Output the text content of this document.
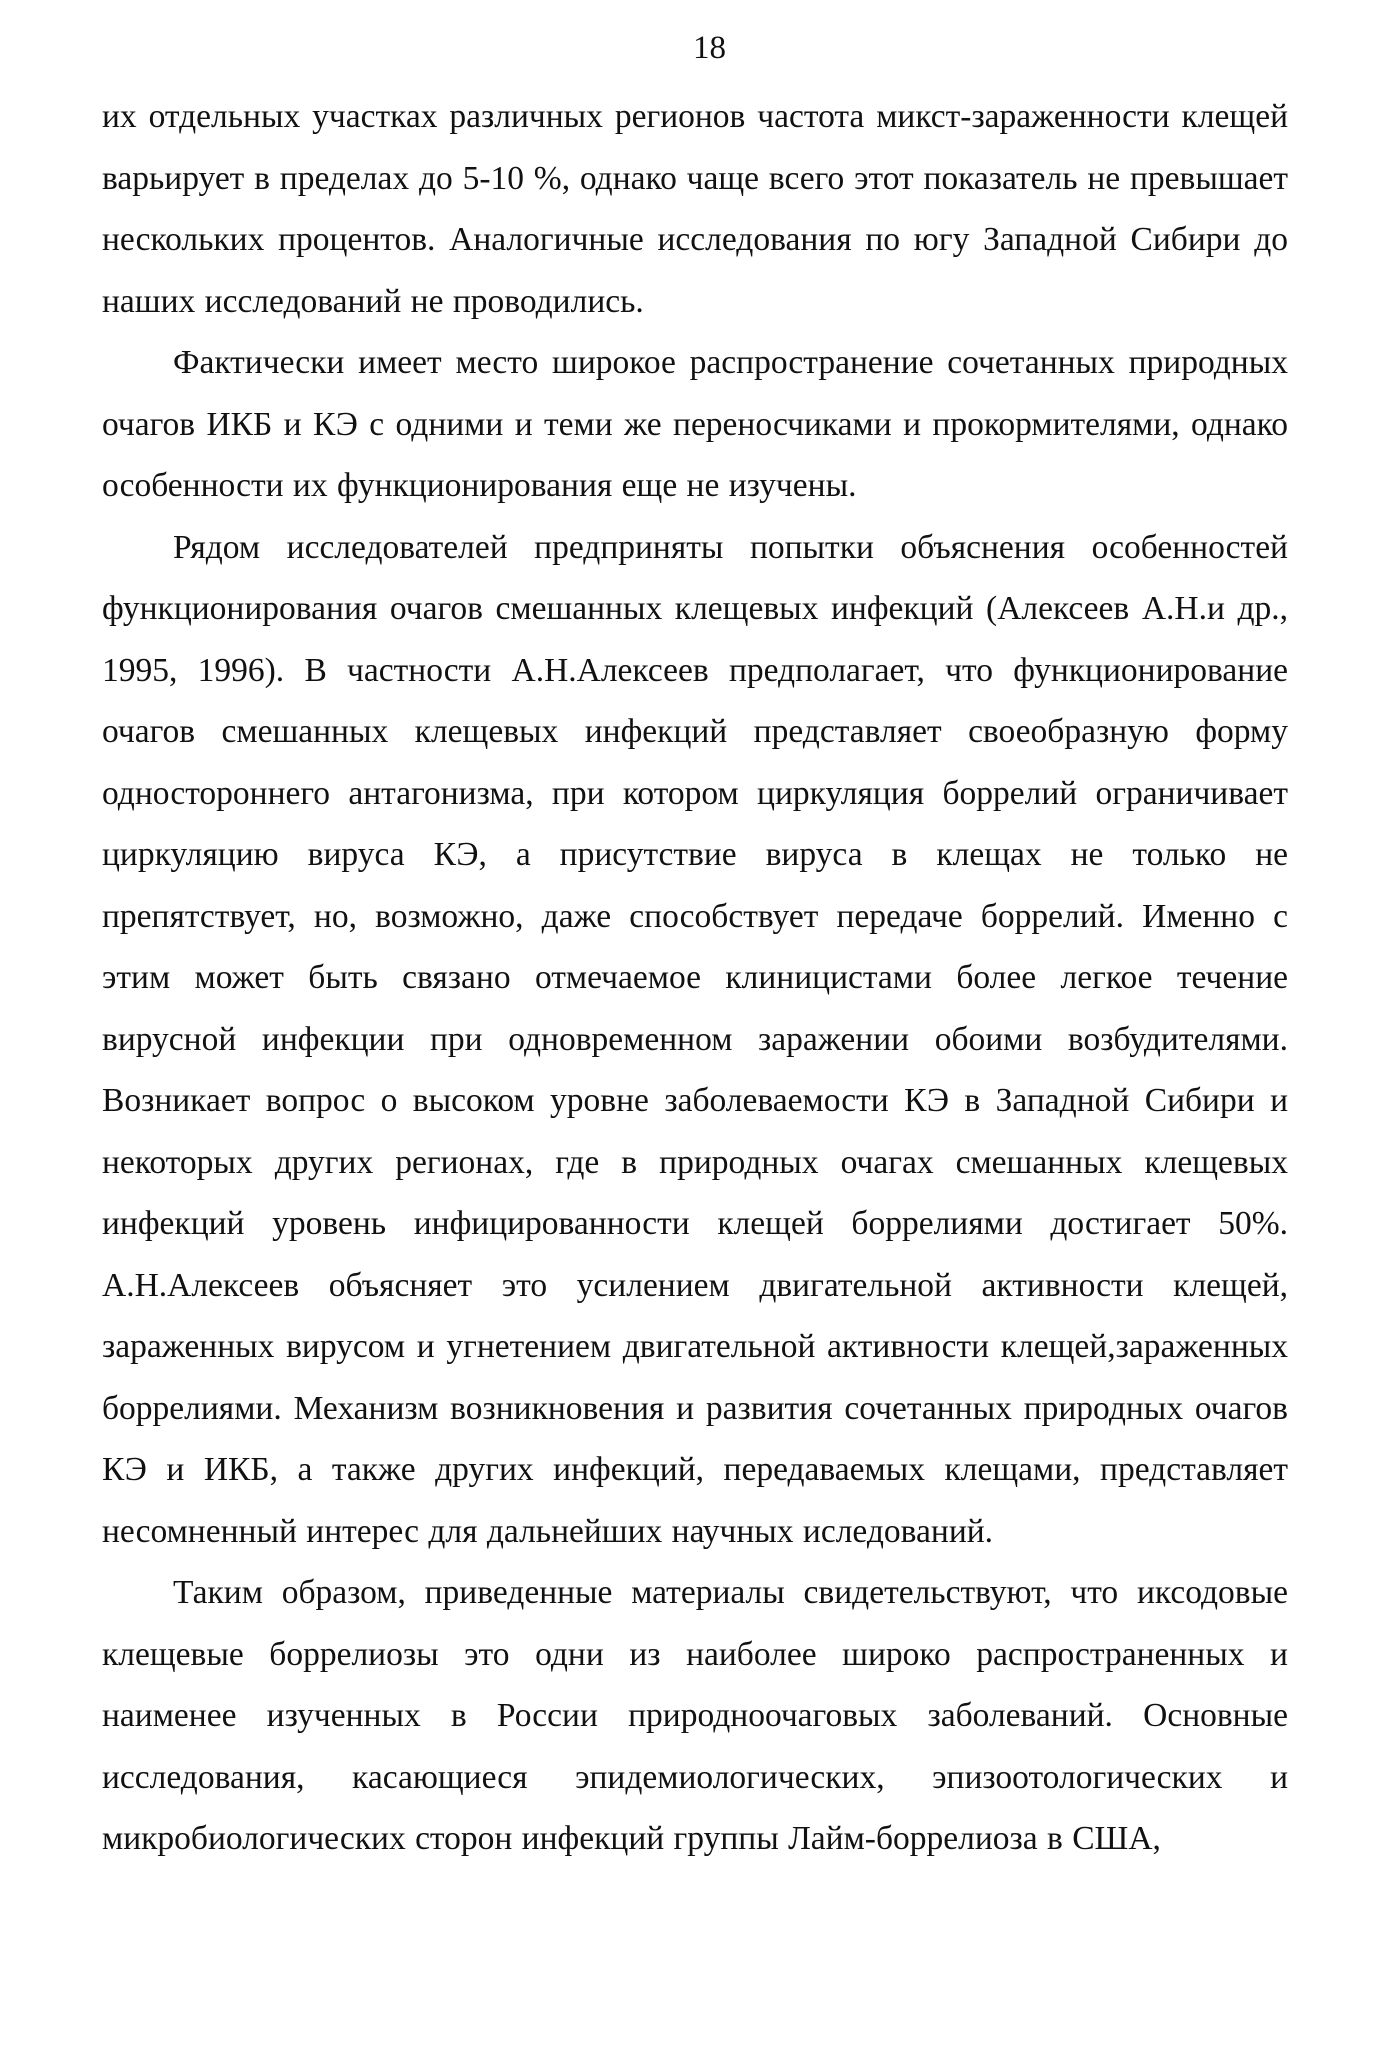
18

их отдельных участках различных регионов частота микст-зараженности клещей варьирует в пределах до 5-10 %, однако чаще всего этот показатель не превышает нескольких процентов. Аналогичные исследования по югу Западной Сибири до наших исследований не проводились.

Фактически имеет место широкое распространение сочетанных природных очагов ИКБ и КЭ с одними и теми же переносчиками и прокормителями, однако особенности их функционирования еще не изучены.

Рядом исследователей предприняты попытки объяснения особенностей функционирования очагов смешанных клещевых инфекций (Алексеев А.Н.и др., 1995, 1996). В частности А.Н.Алексеев предполагает, что функционирование очагов смешанных клещевых инфекций представляет своеобразную форму одностороннего антагонизма, при котором циркуляция боррелий ограничивает циркуляцию вируса КЭ, а присутствие вируса в клещах не только не препятствует, но, возможно, даже способствует передаче боррелий. Именно с этим может быть связано отмечаемое клиницистами более легкое течение вирусной инфекции при одновременном заражении обоими возбудителями. Возникает вопрос о высоком уровне заболеваемости КЭ в Западной Сибири и некоторых других регионах, где в природных очагах смешанных клещевых инфекций уровень инфицированности клещей боррелиями достигает 50%. А.Н.Алексеев объясняет это усилением двигательной активности клещей, зараженных вирусом и угнетением двигательной активности клещей,зараженных боррелиями. Механизм возникновения и развития сочетанных природных очагов КЭ и ИКБ, а также других инфекций, передаваемых клещами, представляет несомненный интерес для дальнейших научных иследований.

Таким образом, приведенные материалы свидетельствуют, что иксодовые клещевые боррелиозы это одни из наиболее широко распространенных и наименее изученных в России природноочаговых заболеваний. Основные исследования, касающиеся эпидемиологических, эпизоотологических и микробиологических сторон инфекций группы Лайм-боррелиоза в США,
